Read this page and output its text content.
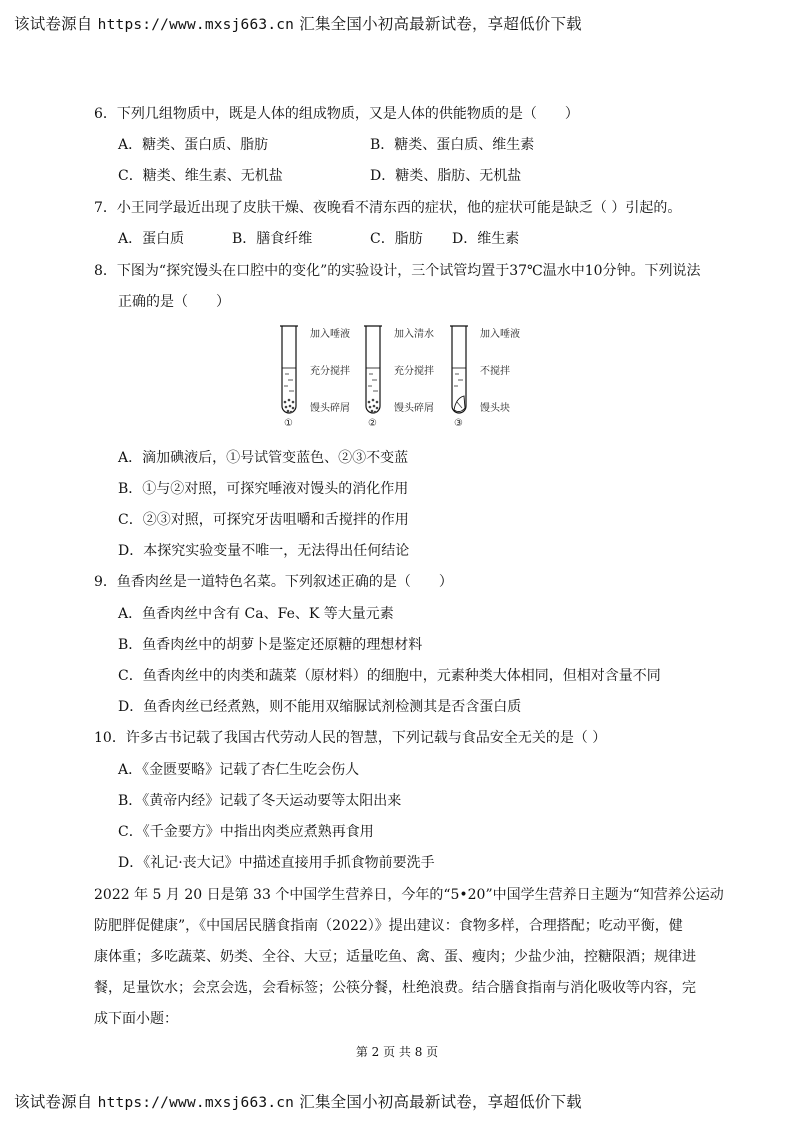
该试卷源自 https://www.mxsj663.cn 汇集全国小初高最新试卷，享超低价下载
6．下列几组物质中，既是人体的组成物质，又是人体的供能物质的是（　　）
A．糖类、蛋白质、脂肪	B．糖类、蛋白质、维生素
C．糖类、维生素、无机盐	D．糖类、脂肪、无机盐
7．小王同学最近出现了皮肤干燥、夜晚看不清东西的症状，他的症状可能是缺乏（ ）引起的。
A．蛋白质	B．膳食纤维	C．脂肪 D．维生素
8．下图为“探究馒头在口腔中的变化”的实验设计，三个试管均置于37℃温水中10分钟。下列说法
正确的是（　　）
加入唾液
充分搅拌
馒头碎屑
①
加入清水
充分搅拌
馒头碎屑
②
加入唾液
不搅拌
馒头块
③
A．滴加碘液后，①号试管变蓝色、②③不变蓝
B．①与②对照，可探究唾液对馒头的消化作用
C．②③对照，可探究牙齿咀嚼和舌搅拌的作用
D．本探究实验变量不唯一，无法得出任何结论
9．鱼香肉丝是一道特色名菜。下列叙述正确的是（　　）
A．鱼香肉丝中含有 Ca、Fe、K 等大量元素
B．鱼香肉丝中的胡萝卜是鉴定还原糖的理想材料
C．鱼香肉丝中的肉类和蔬菜（原材料）的细胞中，元素种类大体相同，但相对含量不同
D．鱼香肉丝已经煮熟，则不能用双缩脲试剂检测其是否含蛋白质
10．许多古书记载了我国古代劳动人民的智慧，下列记载与食品安全无关的是（ ）
A．《金匮要略》记载了杏仁生吃会伤人
B．《黄帝内经》记载了冬天运动要等太阳出来
C．《千金要方》中指出肉类应煮熟再食用
D．《礼记·丧大记》中描述直接用手抓食物前要洗手
2022 年 5 月 20 日是第 33 个中国学生营养日，今年的“5•20”中国学生营养日主题为“知营养公运动
防肥胖促健康”，《中国居民膳食指南（2022）》提出建议：食物多样，合理搭配；吃动平衡，健
康体重；多吃蔬菜、奶类、全谷、大豆；适量吃鱼、禽、蛋、瘦肉；少盐少油，控糖限酒；规律进
餐，足量饮水；会烹会选，会看标签；公筷分餐，杜绝浪费。结合膳食指南与消化吸收等内容，完
成下面小题：
第 2 页 共 8 页
该试卷源自 https://www.mxsj663.cn 汇集全国小初高最新试卷，享超低价下载
